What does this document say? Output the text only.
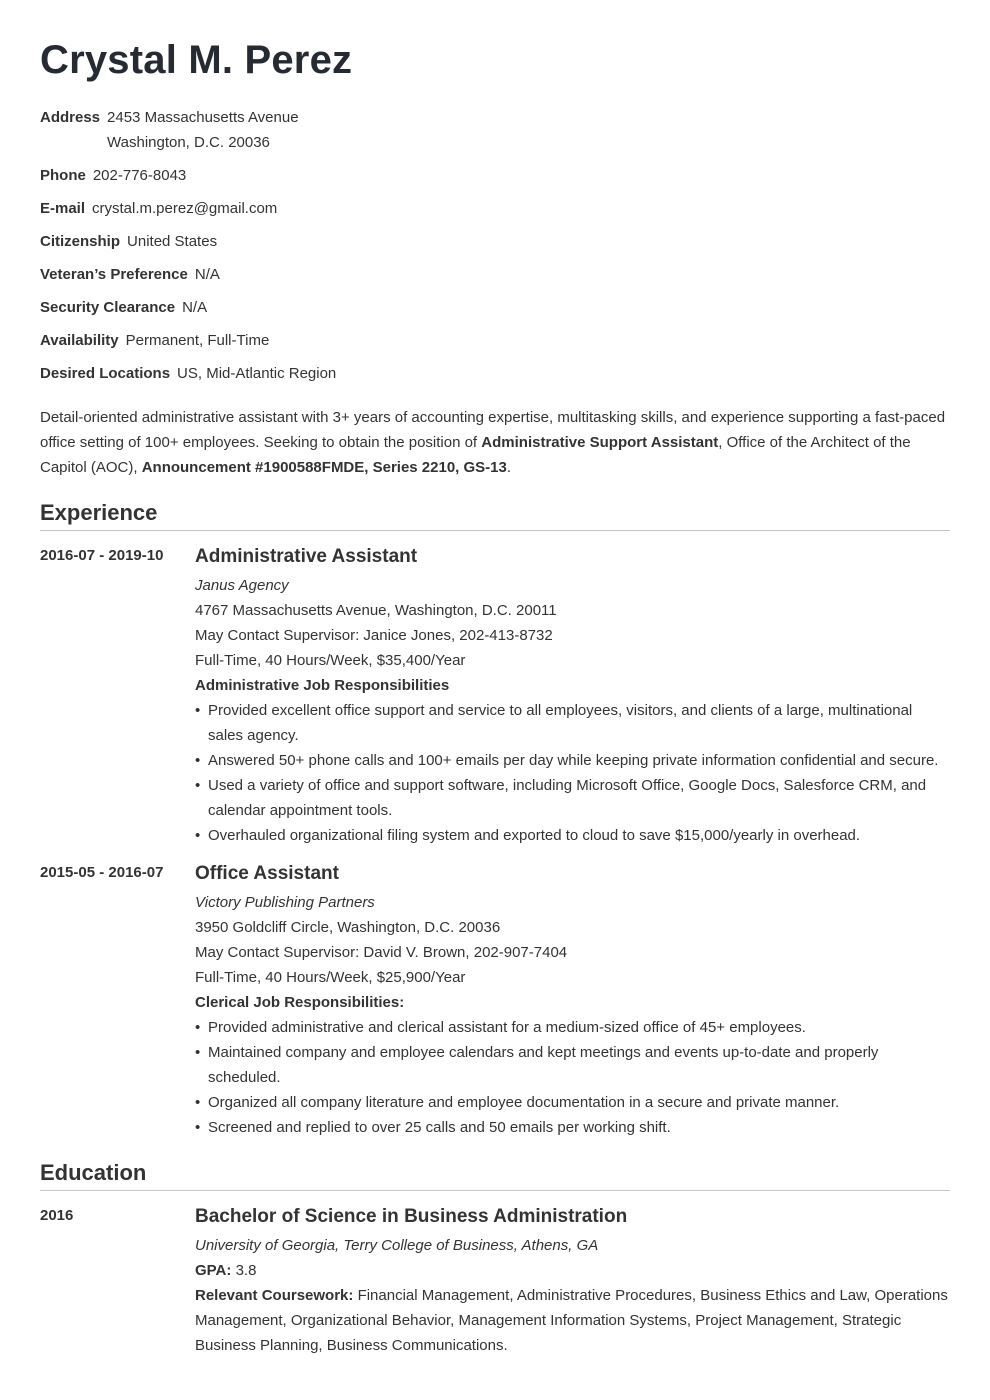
Crystal M. Perez
Address 2453 Massachusetts Avenue
Washington, D.C. 20036
Phone 202-776-8043
E-mail crystal.m.perez@gmail.com
Citizenship United States
Veteran’s Preference N/A
Security Clearance N/A
Availability Permanent, Full-Time
Desired Locations US, Mid-Atlantic Region

Detail-oriented administrative assistant with 3+ years of accounting expertise, multitasking skills, and experience supporting a fast-paced office setting of 100+ employees. Seeking to obtain the position of Administrative Support Assistant, Office of the Architect of the Capitol (AOC), Announcement #1900588FMDE, Series 2210, GS-13.

Experience
2016-07 - 2019-10	Administrative Assistant
Janus Agency
4767 Massachusetts Avenue, Washington, D.C. 20011
May Contact Supervisor: Janice Jones, 202-413-8732
Full-Time, 40 Hours/Week, $35,400/Year
Administrative Job Responsibilities
• Provided excellent office support and service to all employees, visitors, and clients of a large, multinational sales agency.
• Answered 50+ phone calls and 100+ emails per day while keeping private information confidential and secure.
• Used a variety of office and support software, including Microsoft Office, Google Docs, Salesforce CRM, and calendar appointment tools.
• Overhauled organizational filing system and exported to cloud to save $15,000/yearly in overhead.
2015-05 - 2016-07	Office Assistant
Victory Publishing Partners
3950 Goldcliff Circle, Washington, D.C. 20036
May Contact Supervisor: David V. Brown, 202-907-7404
Full-Time, 40 Hours/Week, $25,900/Year
Clerical Job Responsibilities:
• Provided administrative and clerical assistant for a medium-sized office of 45+ employees.
• Maintained company and employee calendars and kept meetings and events up-to-date and properly scheduled.
• Organized all company literature and employee documentation in a secure and private manner.
• Screened and replied to over 25 calls and 50 emails per working shift.
Education
2016	Bachelor of Science in Business Administration
University of Georgia, Terry College of Business, Athens, GA
GPA: 3.8
Relevant Coursework: Financial Management, Administrative Procedures, Business Ethics and Law, Operations Management, Organizational Behavior, Management Information Systems, Project Management, Strategic Business Planning, Business Communications.
